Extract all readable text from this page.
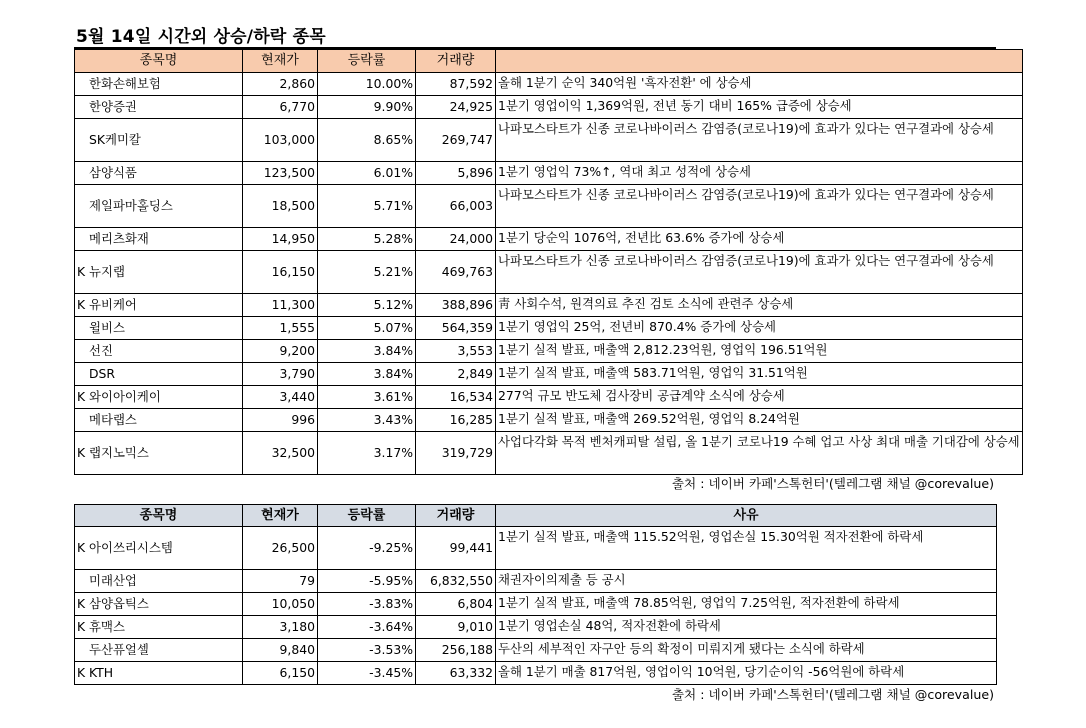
5월 14일 시간외 상승/하락 종목
종목명	현재가	등락률	거래량	
한화손해보험	2,860	10.00%	87,592	올해 1분기 순익 340억원 '흑자전환' 에 상승세
한양증권	6,770	9.90%	24,925	1분기 영업이익 1,369억원, 전년 동기 대비 165% 급증에 상승세
SK케미칼	103,000	8.65%	269,747	나파모스타트가 신종 코로나바이러스 감염증(코로나19)에 효과가 있다는 연구결과에 상승세
삼양식품	123,500	6.01%	5,896	1분기 영업익 73%↑, 역대 최고 성적에 상승세
제일파마홀딩스	18,500	5.71%	66,003	나파모스타트가 신종 코로나바이러스 감염증(코로나19)에 효과가 있다는 연구결과에 상승세
메리츠화재	14,950	5.28%	24,000	1분기 당순익 1076억, 전년比 63.6% 증가에 상승세
K 뉴지랩	16,150	5.21%	469,763	나파모스타트가 신종 코로나바이러스 감염증(코로나19)에 효과가 있다는 연구결과에 상승세
K 유비케어	11,300	5.12%	388,896	靑 사회수석, 원격의료 추진 검토 소식에 관련주 상승세
윌비스	1,555	5.07%	564,359	1분기 영업익 25억, 전년비 870.4% 증가에 상승세
선진	9,200	3.84%	3,553	1분기 실적 발표, 매출액 2,812.23억원, 영업익 196.51억원
DSR	3,790	3.84%	2,849	1분기 실적 발표, 매출액 583.71억원, 영업익 31.51억원
K 와이아이케이	3,440	3.61%	16,534	277억 규모 반도체 검사장비 공급계약 소식에 상승세
메타랩스	996	3.43%	16,285	1분기 실적 발표, 매출액 269.52억원, 영업익 8.24억원
K 랩지노믹스	32,500	3.17%	319,729	사업다각화 목적 벤처캐피탈 설립, 올 1분기 코로나19 수혜 업고 사상 최대 매출 기대감에 상승세
출처 : 네이버 카페'스톡헌터'(텔레그램 채널 @corevalue)
종목명	현재가	등락률	거래량	사유
K 아이쓰리시스템	26,500	-9.25%	99,441	1분기 실적 발표, 매출액 115.52억원, 영업손실 15.30억원 적자전환에 하락세
미래산업	79	-5.95%	6,832,550	채권자이의제출 등 공시
K 삼양옵틱스	10,050	-3.83%	6,804	1분기 실적 발표, 매출액 78.85억원, 영업익 7.25억원, 적자전환에 하락세
K 휴맥스	3,180	-3.64%	9,010	1분기 영업손실 48억, 적자전환에 하락세
두산퓨얼셀	9,840	-3.53%	256,188	두산의 세부적인 자구안 등의 확정이 미뤄지게 됐다는 소식에 하락세
K KTH	6,150	-3.45%	63,332	올해 1분기 매출 817억원, 영업이익 10억원, 당기순이익 -56억원에 하락세
출처 : 네이버 카페'스톡헌터'(텔레그램 채널 @corevalue)
